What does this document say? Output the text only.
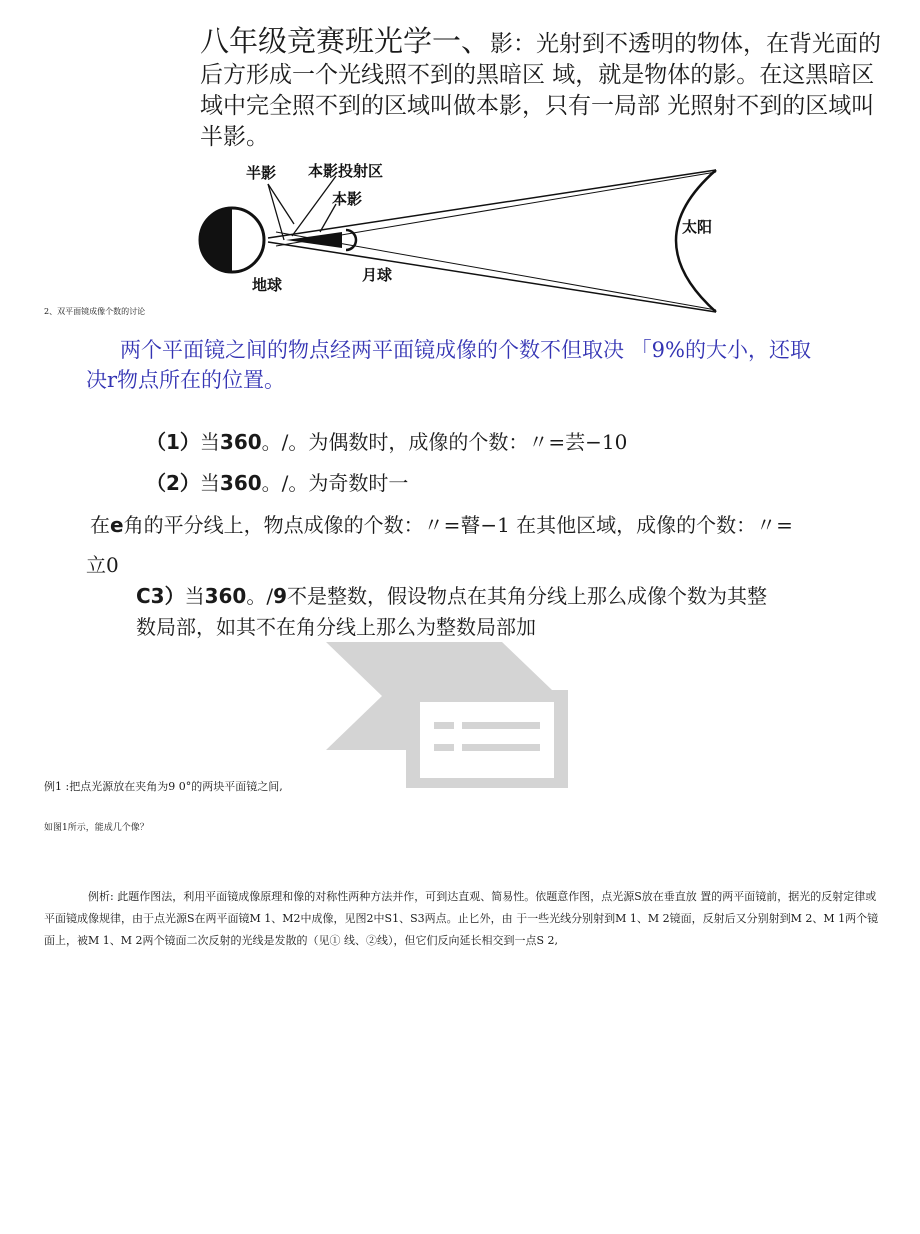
八年级竞赛班光学一、影：光射到不透明的物体，在背光面的后方形成一个光线照不到的黑暗区 域，就是物体的影。在这黑暗区域中完全照不到的区域叫做本影，只有一局部 光照射不到的区域叫半影。
半影 本影投射区
本影
太阳
地球
月球
2、双平面镜成像个数的讨论
两个平面镜之间的物点经两平面镜成像的个数不但取决 「9%的大小，还取
决r物点所在的位置。
（1）当360。/。为偶数时，成像的个数：〃=芸−10
（2）当360。/。为奇数时一
在e角的平分线上，物点成像的个数：〃=瞽−1 在其他区域，成像的个数：〃=
立0
C3）当360。/9不是整数，假设物点在其角分线上那么成像个数为其整
数局部，如其不在角分线上那么为整数局部加
例1 :把点光源放在夹角为9 0°的两块平面镜之间,
如图1所示，能成几个像？
例析: 此题作图法，利用平面镜成像原理和像的对称性两种方法并作，可到达直观、简易性。依题意作图，点光源S放在垂直放 置的两平面镜前，据光的反射定律或平面镜成像规律，由于点光源S在两平面镜M 1、M2中成像，见图2中S1、S3两点。止匕外，由 于一些光线分别射到M 1、M 2镜面，反射后又分别射到M 2、M 1两个镜面上，被M 1、M 2两个镜面二次反射的光线是发散的（见① 线、②线），但它们反向延长相交到一点S 2,
